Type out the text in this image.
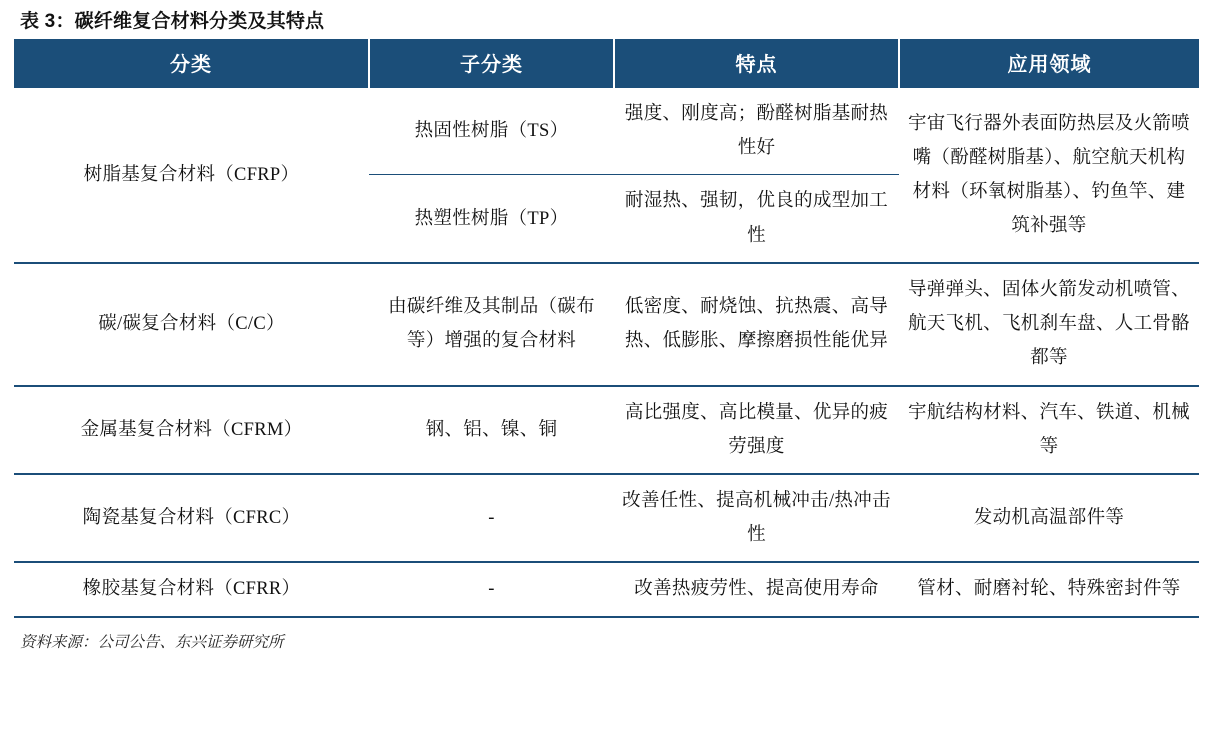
表 3 ： 碳纤维复合材料分类及其特点
分类	子分类	特点	应用领域
树脂基复合材料（CFRP）	热固性树脂（TS）	强度、刚度高；酚醛树脂基耐热性好	宇宙飞行器外表面防热层及火箭喷嘴（酚醛树脂基）、航空航天机构材料（环氧树脂基）、钓鱼竿、建筑补强等
	热塑性树脂（TP）	耐湿热、强韧，优良的成型加工性	
碳/碳复合材料（C/C）	由碳纤维及其制品（碳布等）增强的复合材料	低密度、耐烧蚀、抗热震、高导热、低膨胀、摩擦磨损性能优异	导弹弹头、固体火箭发动机喷管、航天飞机、飞机刹车盘、人工骨骼都等
金属基复合材料（CFRM）	钢、铝、镍、铜	高比强度、高比模量、优异的疲劳强度	宇航结构材料、汽车、铁道、机械等
陶瓷基复合材料（CFRC）	-	改善任性、提高机械冲击/热冲击性	发动机高温部件等
橡胶基复合材料（CFRR）	-	改善热疲劳性、提高使用寿命	管材、耐磨衬轮、特殊密封件等
资料来源：公司公告、东兴证券研究所
